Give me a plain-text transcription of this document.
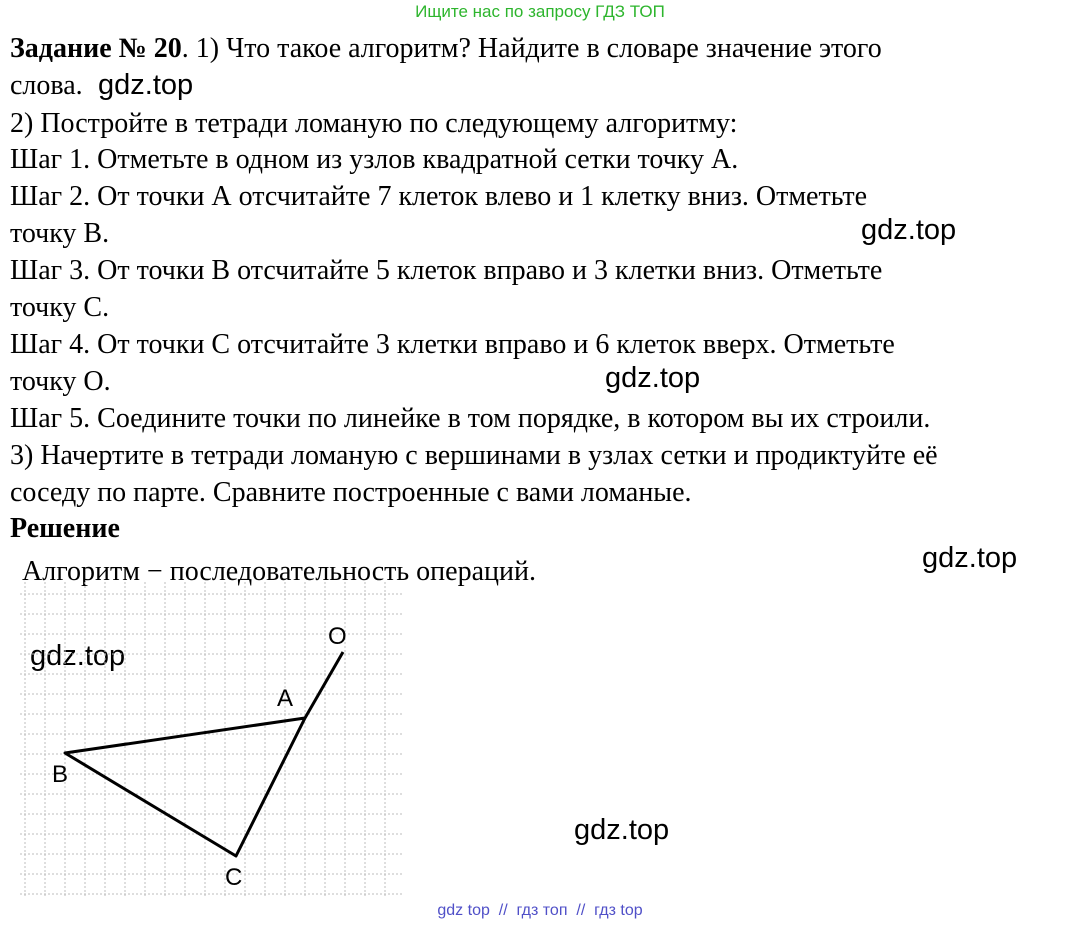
Ищите нас по запросу ГДЗ ТОП
Задание № 20. 1) Что такое алгоритм? Найдите в словаре значение этого
слова.
2) Постройте в тетради ломаную по следующему алгоритму:
Шаг 1. Отметьте в одном из узлов квадратной сетки точку А.
Шаг 2. От точки А отсчитайте 7 клеток влево и 1 клетку вниз. Отметьте
точку В.
Шаг 3. От точки В отсчитайте 5 клеток вправо и 3 клетки вниз. Отметьте
точку С.
Шаг 4. От точки С отсчитайте 3 клетки вправо и 6 клеток вверх. Отметьте
точку О.
Шаг 5. Соедините точки по линейке в том порядке, в котором вы их строили.
3) Начертите в тетради ломаную с вершинами в узлах сетки и продиктуйте её
соседу по парте. Сравните построенные с вами ломаные.
Решение
Алгоритм − последовательность операций.
gdz.top
gdz.top
gdz.top
gdz.top
gdz.top
gdz.top
A
B
C
O
gdz top  //  гдз топ  //  гдз top
